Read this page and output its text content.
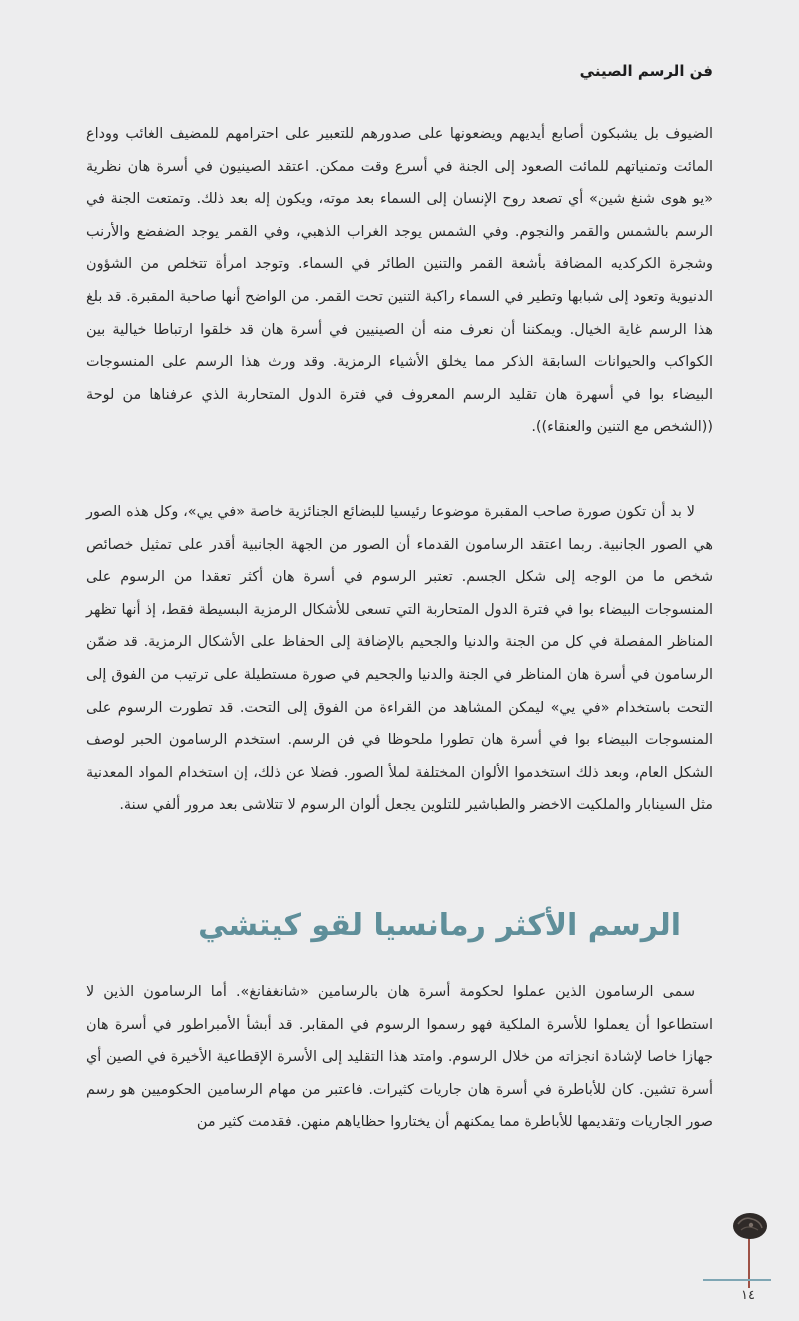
فن الرسم الصيني

الضيوف بل يشبكون أصابع أيديهم ويضعونها على صدورهم للتعبير على احترامهم للمضيف الغائب ووداع المائت وتمنياتهم للمائت الصعود إلى الجنة في أسرع وقت ممكن. اعتقد الصينيون في أسرة هان نظرية «يو هوى شنغ شين» أي تصعد روح الإنسان إلى السماء بعد موته، ويكون إله بعد ذلك. وتمتعت الجنة في الرسم بالشمس والقمر والنجوم. وفي الشمس يوجد الغراب الذهبي، وفي القمر يوجد الضفضع والأرنب وشجرة الكركديه المضافة بأشعة القمر والتنين الطائر في السماء. وتوجد امرأة تتخلص من الشؤون الدنيوية وتعود إلى شبابها وتطير في السماء راكبة التنين تحت القمر. من الواضح أنها صاحبة المقبرة. قد بلغ هذا الرسم غاية الخيال. ويمكننا أن نعرف منه أن الصينيين في أسرة هان قد خلقوا ارتباطا خيالية بين الكواكب والحيوانات السابقة الذكر مما يخلق الأشياء الرمزية. وقد ورث هذا الرسم على المنسوجات البيضاء بوا في أسهرة هان تقليد الرسم المعروف في فترة الدول المتحاربة الذي عرفناها من لوحة ((الشخص مع التنين والعنقاء)).

لا بد أن تكون صورة صاحب المقبرة موضوعا رئيسيا للبضائع الجنائزية خاصة «في يي»، وكل هذه الصور هي الصور الجانبية. ربما اعتقد الرسامون القدماء أن الصور من الجهة الجانبية أقدر على تمثيل خصائص شخص ما من الوجه إلى شكل الجسم. تعتبر الرسوم في أسرة هان أكثر تعقدا من الرسوم على المنسوجات البيضاء بوا في فترة الدول المتحاربة التي تسعى للأشكال الرمزية البسيطة فقط، إذ أنها تظهر المناظر المفصلة في كل من الجنة والدنيا والجحيم بالإضافة إلى الحفاظ على الأشكال الرمزية. قد ضمّن الرسامون في أسرة هان المناظر في الجنة والدنيا والجحيم في صورة مستطيلة على ترتيب من الفوق إلى التحت باستخدام «في يي» ليمكن المشاهد من القراءة من الفوق إلى التحت. قد تطورت الرسوم على المنسوجات البيضاء بوا في أسرة هان تطورا ملحوظا في فن الرسم. استخدم الرسامون الحبر لوصف الشكل العام، وبعد ذلك استخدموا الألوان المختلفة لملأ الصور. فضلا عن ذلك، إن استخدام المواد المعدنية مثل السينابار والملكيت الاخضر والطباشير للتلوين يجعل ألوان الرسوم لا تتلاشى بعد مرور ألفي سنة.

الرسم الأكثر رمانسيا لقو كيتشي

سمى الرسامون الذين عملوا لحكومة أسرة هان بالرسامين «شانغفانغ». أما الرسامون الذين لا استطاعوا أن يعملوا للأسرة الملكية فهو رسموا الرسوم في المقابر. قد أبشأ الأمبراطور في أسرة هان جهازا خاصا لإشادة انجزاته من خلال الرسوم. وامتد هذا التقليد إلى الأسرة الإقطاعية الأخيرة في الصين أي أسرة تشين. كان للأباطرة في أسرة هان جاريات كثيرات. فاعتبر من مهام الرسامين الحكوميين هو رسم صور الجاريات وتقديمها للأباطرة مما يمكنهم أن يختاروا حظاياهم منهن. فقدمت كثير من

١٤
